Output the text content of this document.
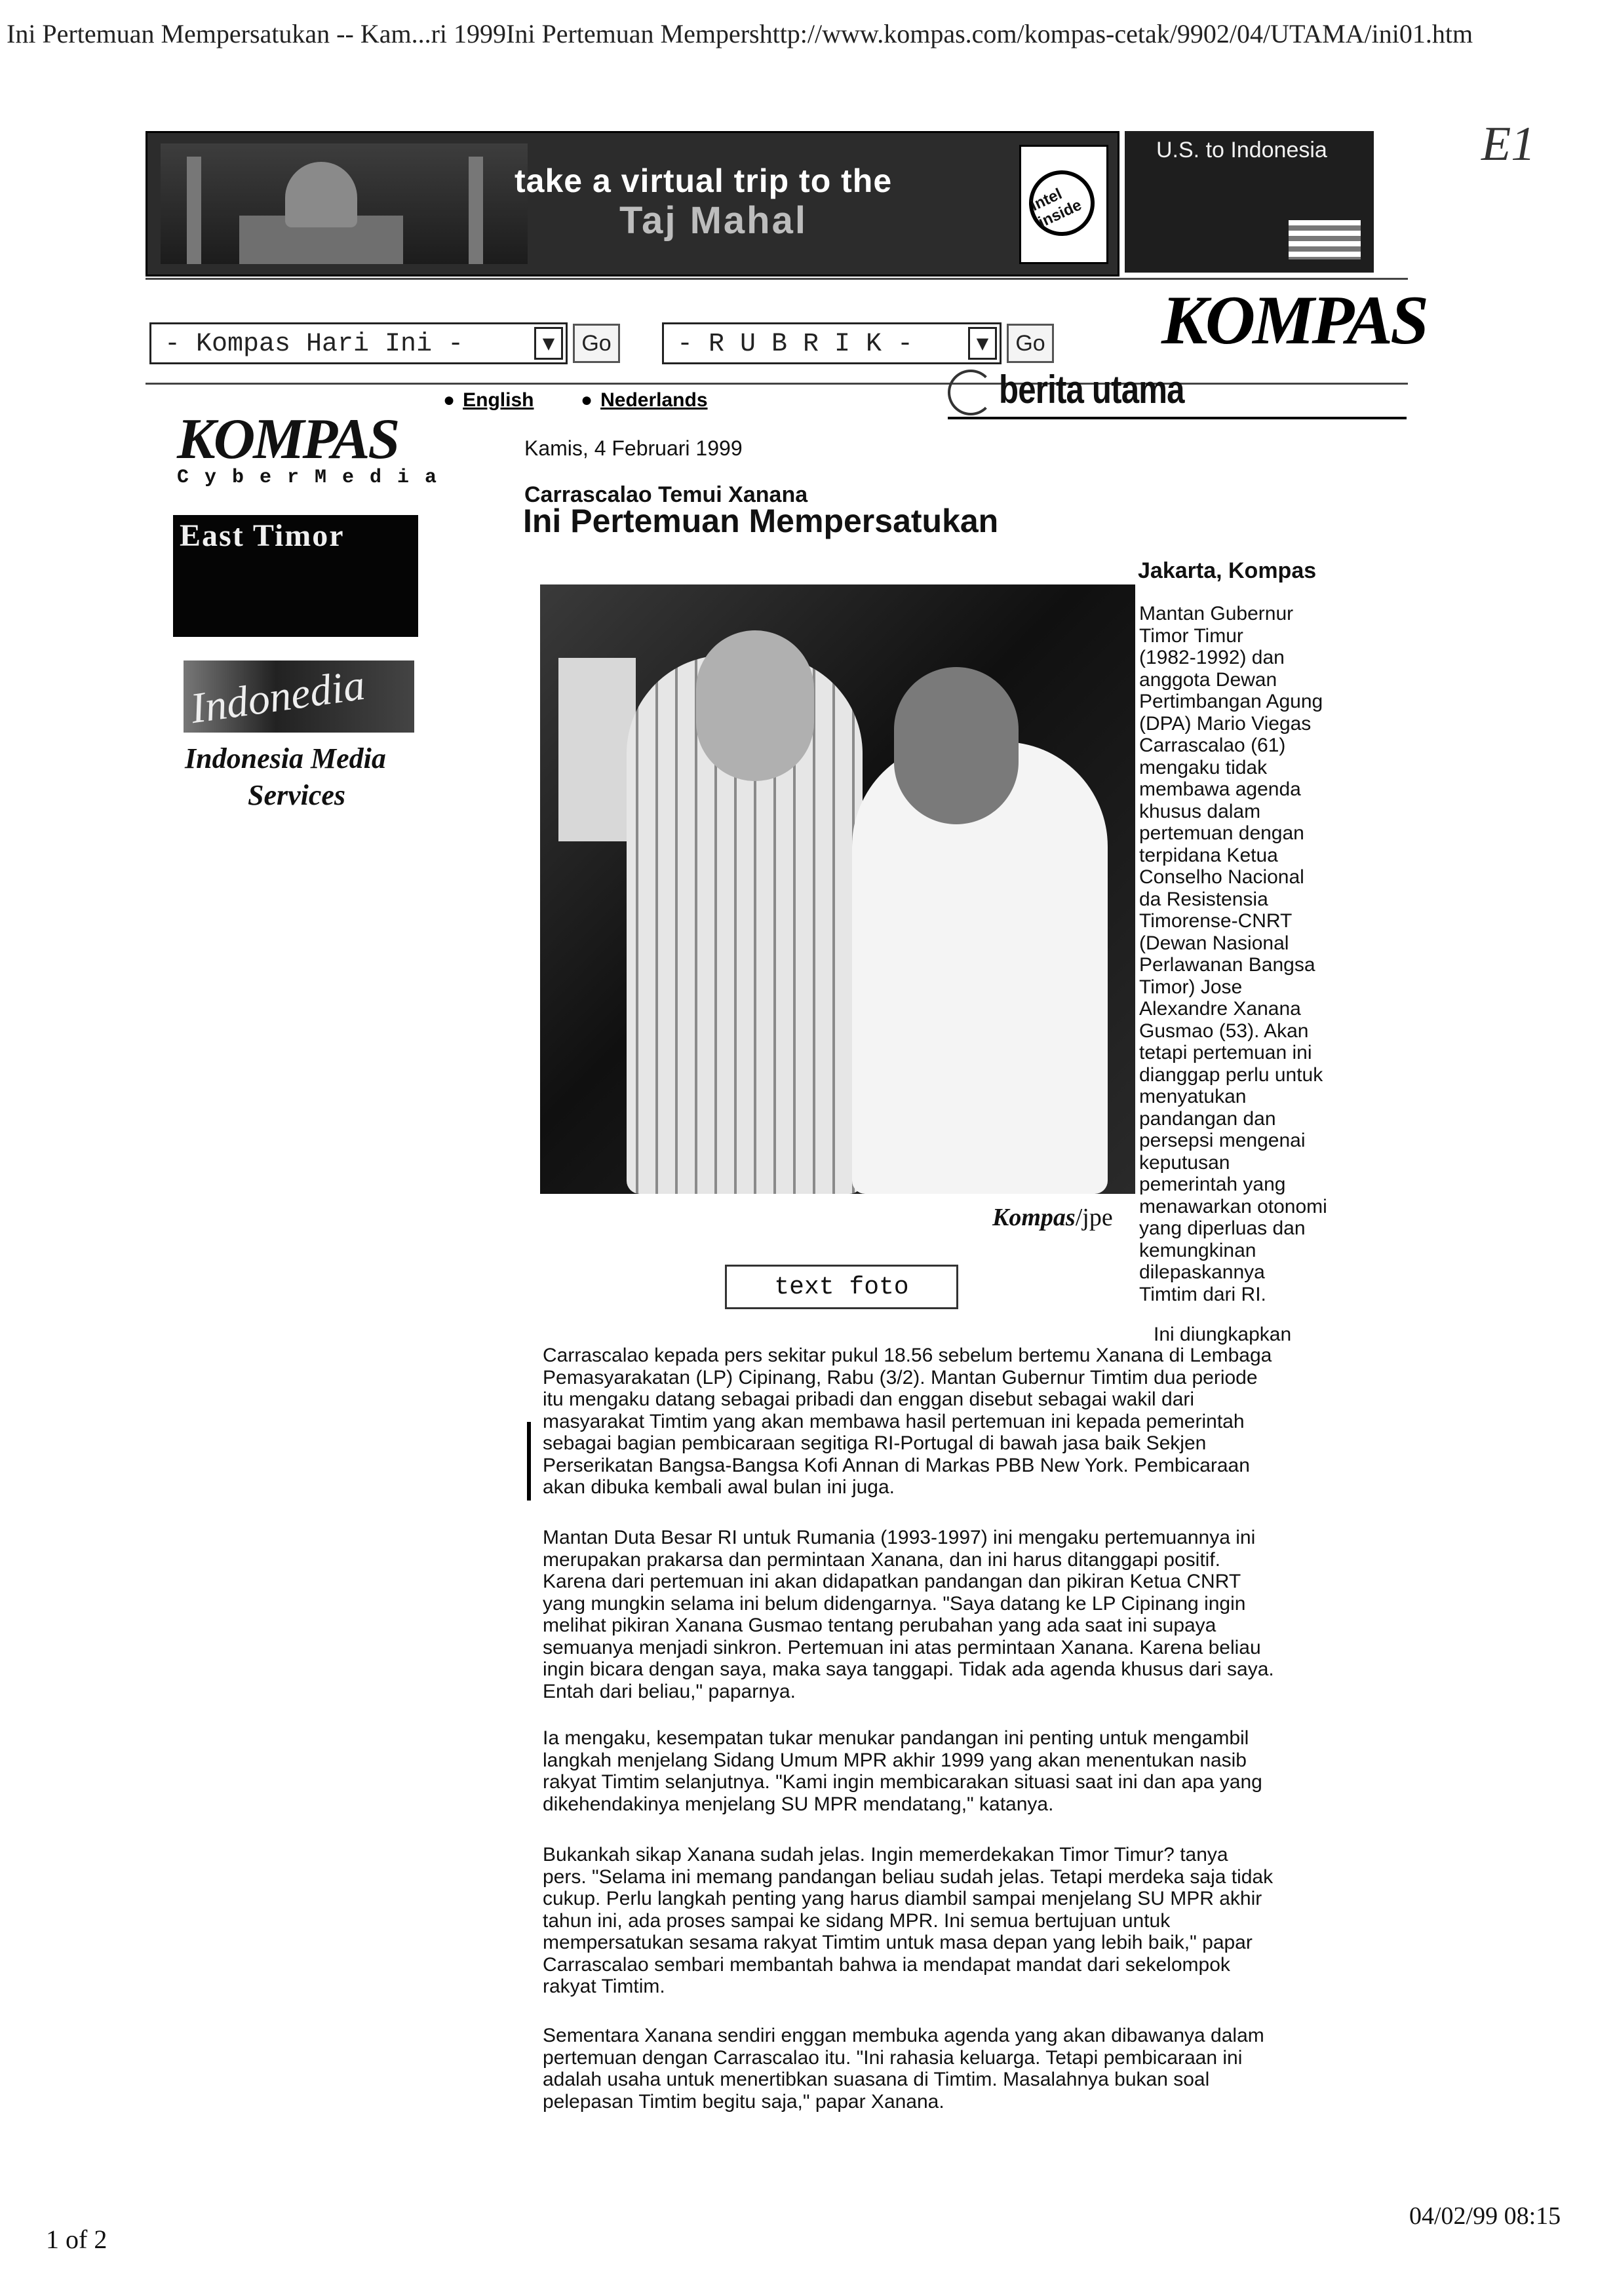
Ini Pertemuan Mempersatukan -- Kam...ri 1999Ini Pertemuan Mempershttp://www.kompas.com/kompas-cetak/9902/04/UTAMA/ini01.htm
E1
take a virtual trip to the
Taj Mahal	intel inside
U.S. to Indonesia
- Kompas Hari Ini -	▼	Go	- R U B R I K -	▼	Go KOMPAS
● English ● Nederlands	berita utama
KOMPAS
CyberMedia
East Timor
Indonedia
Indonesia Media
Services
Kamis, 4 Februari 1999
Carrascalao Temui Xanana
Ini Pertemuan Mempersatukan
Kompas/jpe
text foto
Jakarta, Kompas
Mantan Gubernur
Timor Timur
(1982-1992) dan
anggota Dewan
Pertimbangan Agung
(DPA) Mario Viegas
Carrascalao (61)
mengaku tidak
membawa agenda
khusus dalam
pertemuan dengan
terpidana Ketua
Conselho Nacional
da Resistensia
Timorense-CNRT
(Dewan Nasional
Perlawanan Bangsa
Timor) Jose
Alexandre Xanana
Gusmao (53). Akan
tetapi pertemuan ini
dianggap perlu untuk
menyatukan
pandangan dan
persepsi mengenai
keputusan
pemerintah yang
menawarkan otonomi
yang diperluas dan
kemungkinan
dilepaskannya
Timtim dari RI.
Ini diungkapkan
Carrascalao kepada pers sekitar pukul 18.56 sebelum bertemu Xanana di Lembaga
Pemasyarakatan (LP) Cipinang, Rabu (3/2). Mantan Gubernur Timtim dua periode
itu mengaku datang sebagai pribadi dan enggan disebut sebagai wakil dari
masyarakat Timtim yang akan membawa hasil pertemuan ini kepada pemerintah
sebagai bagian pembicaraan segitiga RI-Portugal di bawah jasa baik Sekjen
Perserikatan Bangsa-Bangsa Kofi Annan di Markas PBB New York. Pembicaraan
akan dibuka kembali awal bulan ini juga.
Mantan Duta Besar RI untuk Rumania (1993-1997) ini mengaku pertemuannya ini
merupakan prakarsa dan permintaan Xanana, dan ini harus ditanggapi positif.
Karena dari pertemuan ini akan didapatkan pandangan dan pikiran Ketua CNRT
yang mungkin selama ini belum didengarnya. "Saya datang ke LP Cipinang ingin
melihat pikiran Xanana Gusmao tentang perubahan yang ada saat ini supaya
semuanya menjadi sinkron. Pertemuan ini atas permintaan Xanana. Karena beliau
ingin bicara dengan saya, maka saya tanggapi. Tidak ada agenda khusus dari saya.
Entah dari beliau," paparnya.
Ia mengaku, kesempatan tukar menukar pandangan ini penting untuk mengambil
langkah menjelang Sidang Umum MPR akhir 1999 yang akan menentukan nasib
rakyat Timtim selanjutnya. "Kami ingin membicarakan situasi saat ini dan apa yang
dikehendakinya menjelang SU MPR mendatang," katanya.
Bukankah sikap Xanana sudah jelas. Ingin memerdekakan Timor Timur? tanya
pers. "Selama ini memang pandangan beliau sudah jelas. Tetapi merdeka saja tidak
cukup. Perlu langkah penting yang harus diambil sampai menjelang SU MPR akhir
tahun ini, ada proses sampai ke sidang MPR. Ini semua bertujuan untuk
mempersatukan sesama rakyat Timtim untuk masa depan yang lebih baik," papar
Carrascalao sembari membantah bahwa ia mendapat mandat dari sekelompok
rakyat Timtim.
Sementara Xanana sendiri enggan membuka agenda yang akan dibawanya dalam
pertemuan dengan Carrascalao itu. "Ini rahasia keluarga. Tetapi pembicaraan ini
adalah usaha untuk menertibkan suasana di Timtim. Masalahnya bukan soal
pelepasan Timtim begitu saja," papar Xanana.
1 of 2
04/02/99 08:15
